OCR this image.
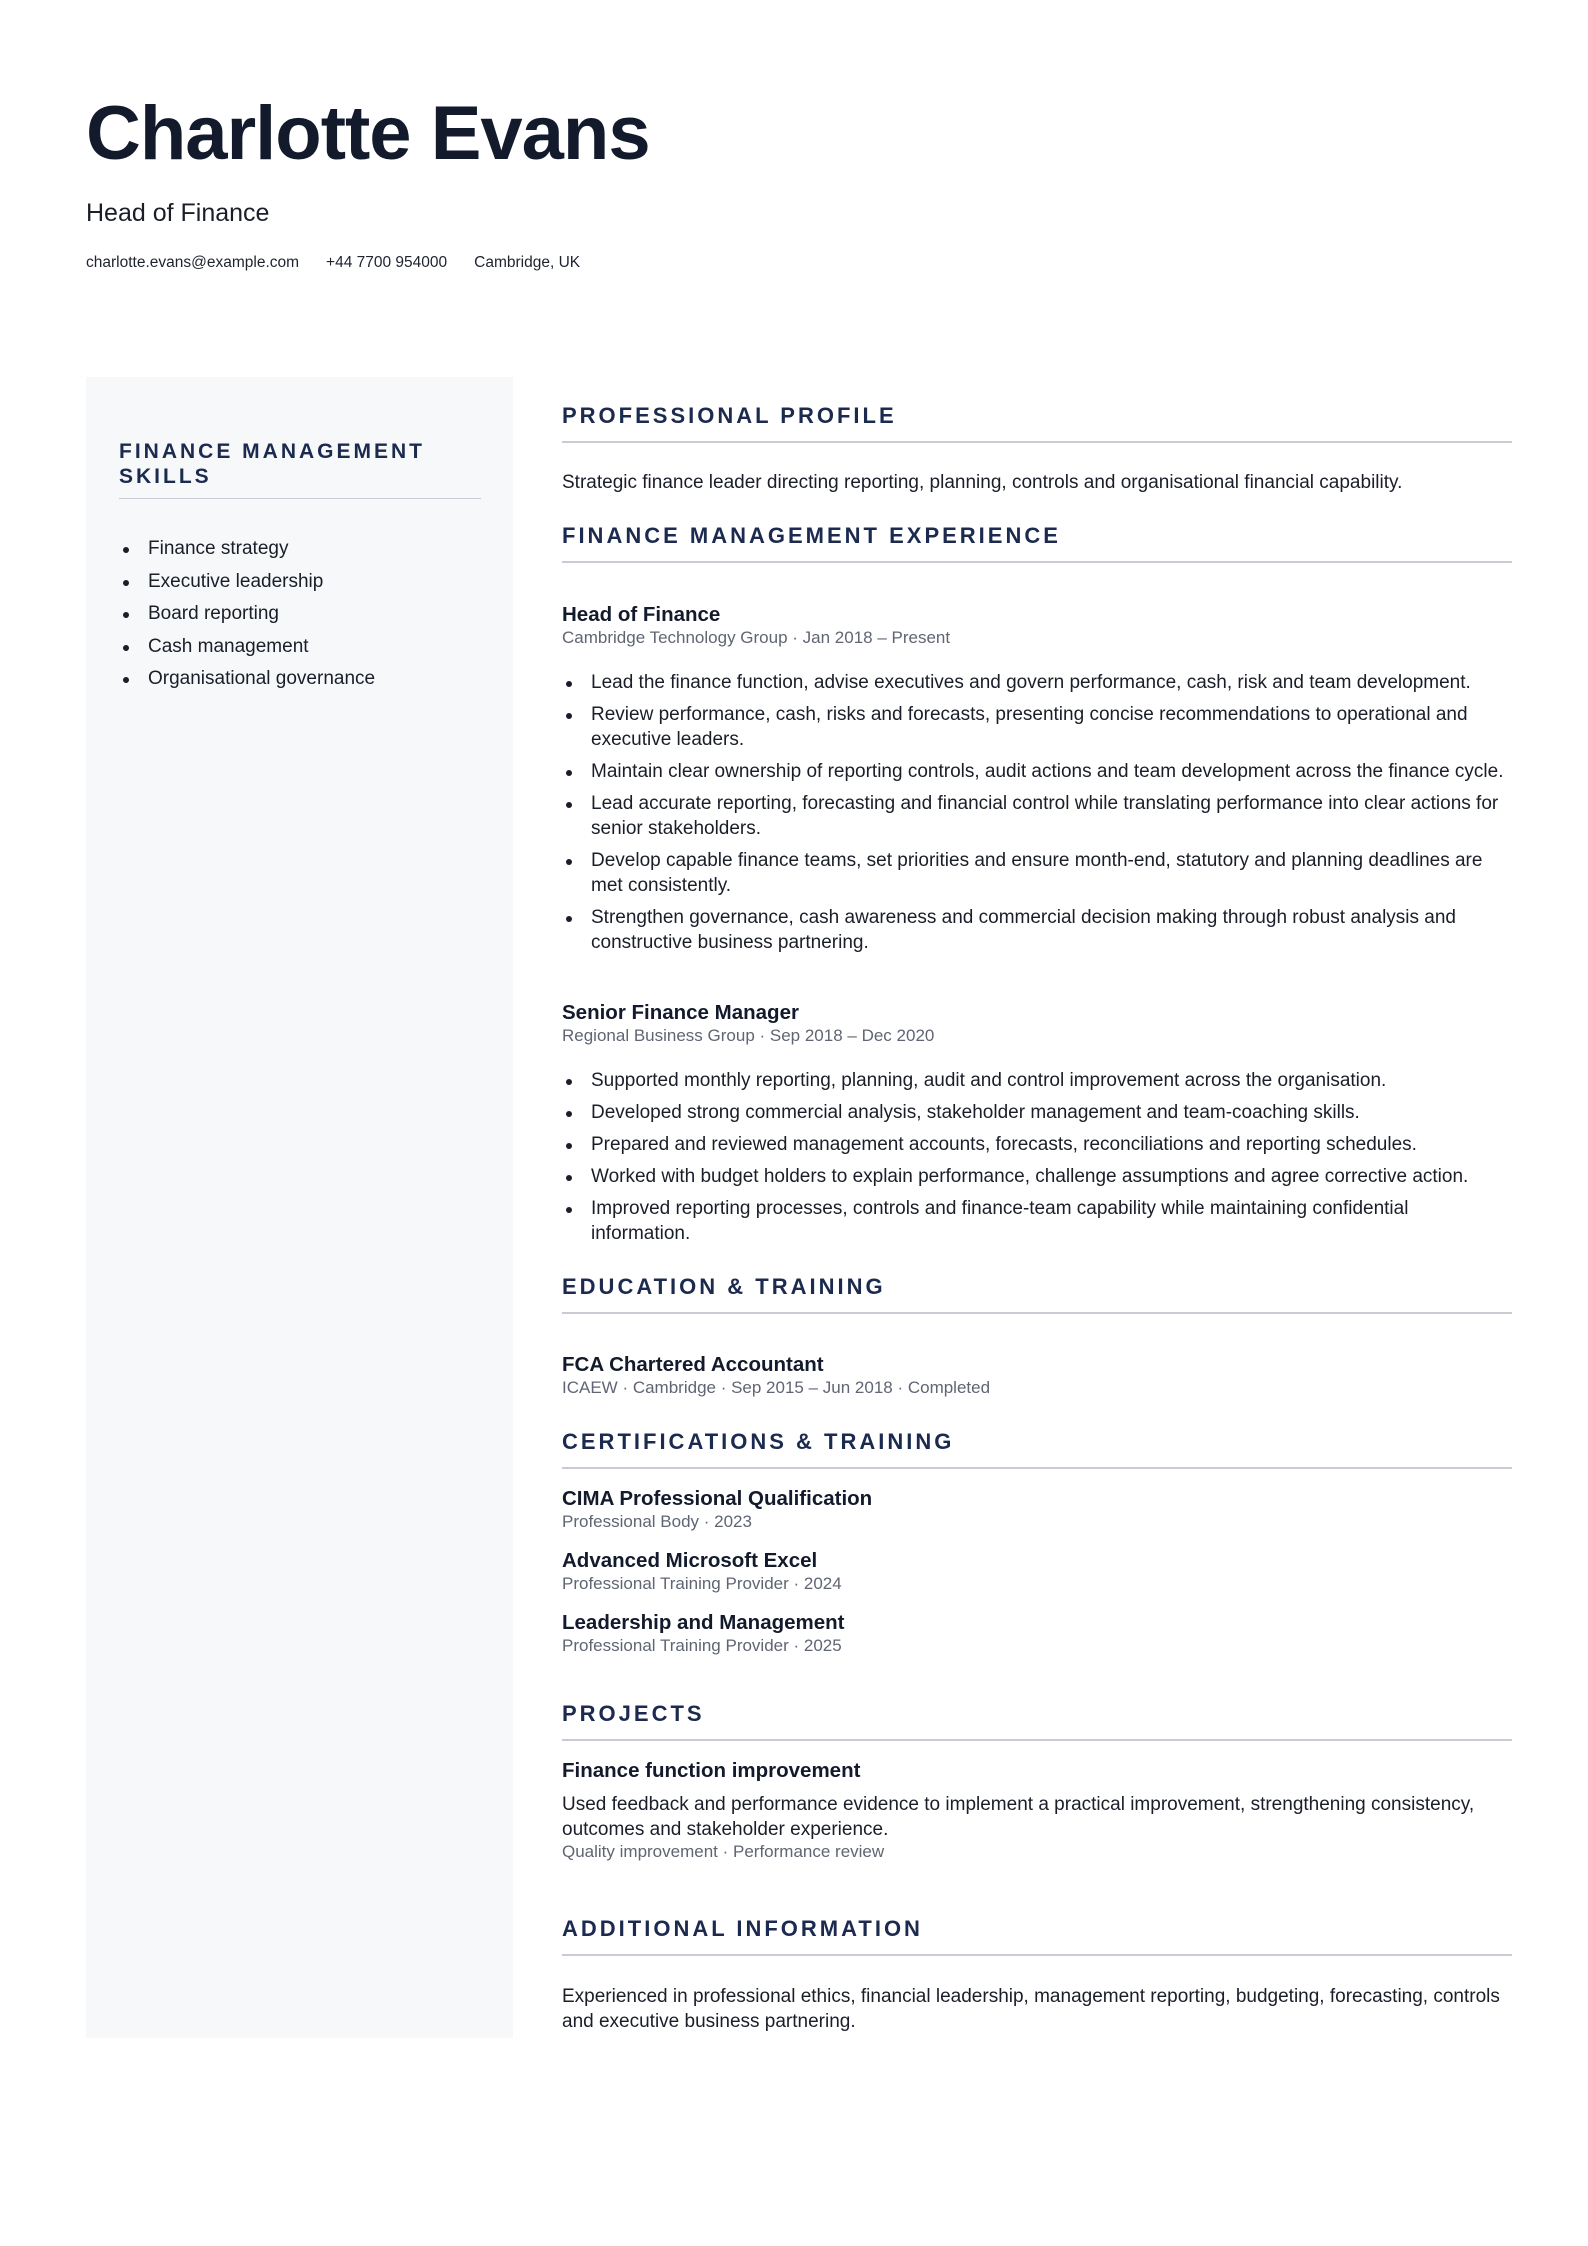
Charlotte Evans
Head of Finance
charlotte.evans@example.com +44 7700 954000 Cambridge, UK
FINANCE MANAGEMENT SKILLS
Finance strategy
Executive leadership
Board reporting
Cash management
Organisational governance
PROFESSIONAL PROFILE

Strategic finance leader directing reporting, planning, controls and organisational financial capability.

FINANCE MANAGEMENT EXPERIENCE
Head of Finance
Cambridge Technology Group · Jan 2018 – Present
Lead the finance function, advise executives and govern performance, cash, risk and team development.
Review performance, cash, risks and forecasts, presenting concise recommendations to operational and executive leaders.
Maintain clear ownership of reporting controls, audit actions and team development across the finance cycle.
Lead accurate reporting, forecasting and financial control while translating performance into clear actions for senior stakeholders.
Develop capable finance teams, set priorities and ensure month-end, statutory and planning deadlines are met consistently.
Strengthen governance, cash awareness and commercial decision making through robust analysis and constructive business partnering.
Senior Finance Manager
Regional Business Group · Sep 2018 – Dec 2020
Supported monthly reporting, planning, audit and control improvement across the organisation.
Developed strong commercial analysis, stakeholder management and team-coaching skills.
Prepared and reviewed management accounts, forecasts, reconciliations and reporting schedules.
Worked with budget holders to explain performance, challenge assumptions and agree corrective action.
Improved reporting processes, controls and finance-team capability while maintaining confidential information.
EDUCATION & TRAINING
FCA Chartered Accountant
ICAEW · Cambridge · Sep 2015 – Jun 2018 · Completed
CERTIFICATIONS & TRAINING
CIMA Professional Qualification
Professional Body · 2023
Advanced Microsoft Excel
Professional Training Provider · 2024
Leadership and Management
Professional Training Provider · 2025
PROJECTS
Finance function improvement

Used feedback and performance evidence to implement a practical improvement, strengthening consistency, outcomes and stakeholder experience.

Quality improvement · Performance review
ADDITIONAL INFORMATION

Experienced in professional ethics, financial leadership, management reporting, budgeting, forecasting, controls and executive business partnering.
